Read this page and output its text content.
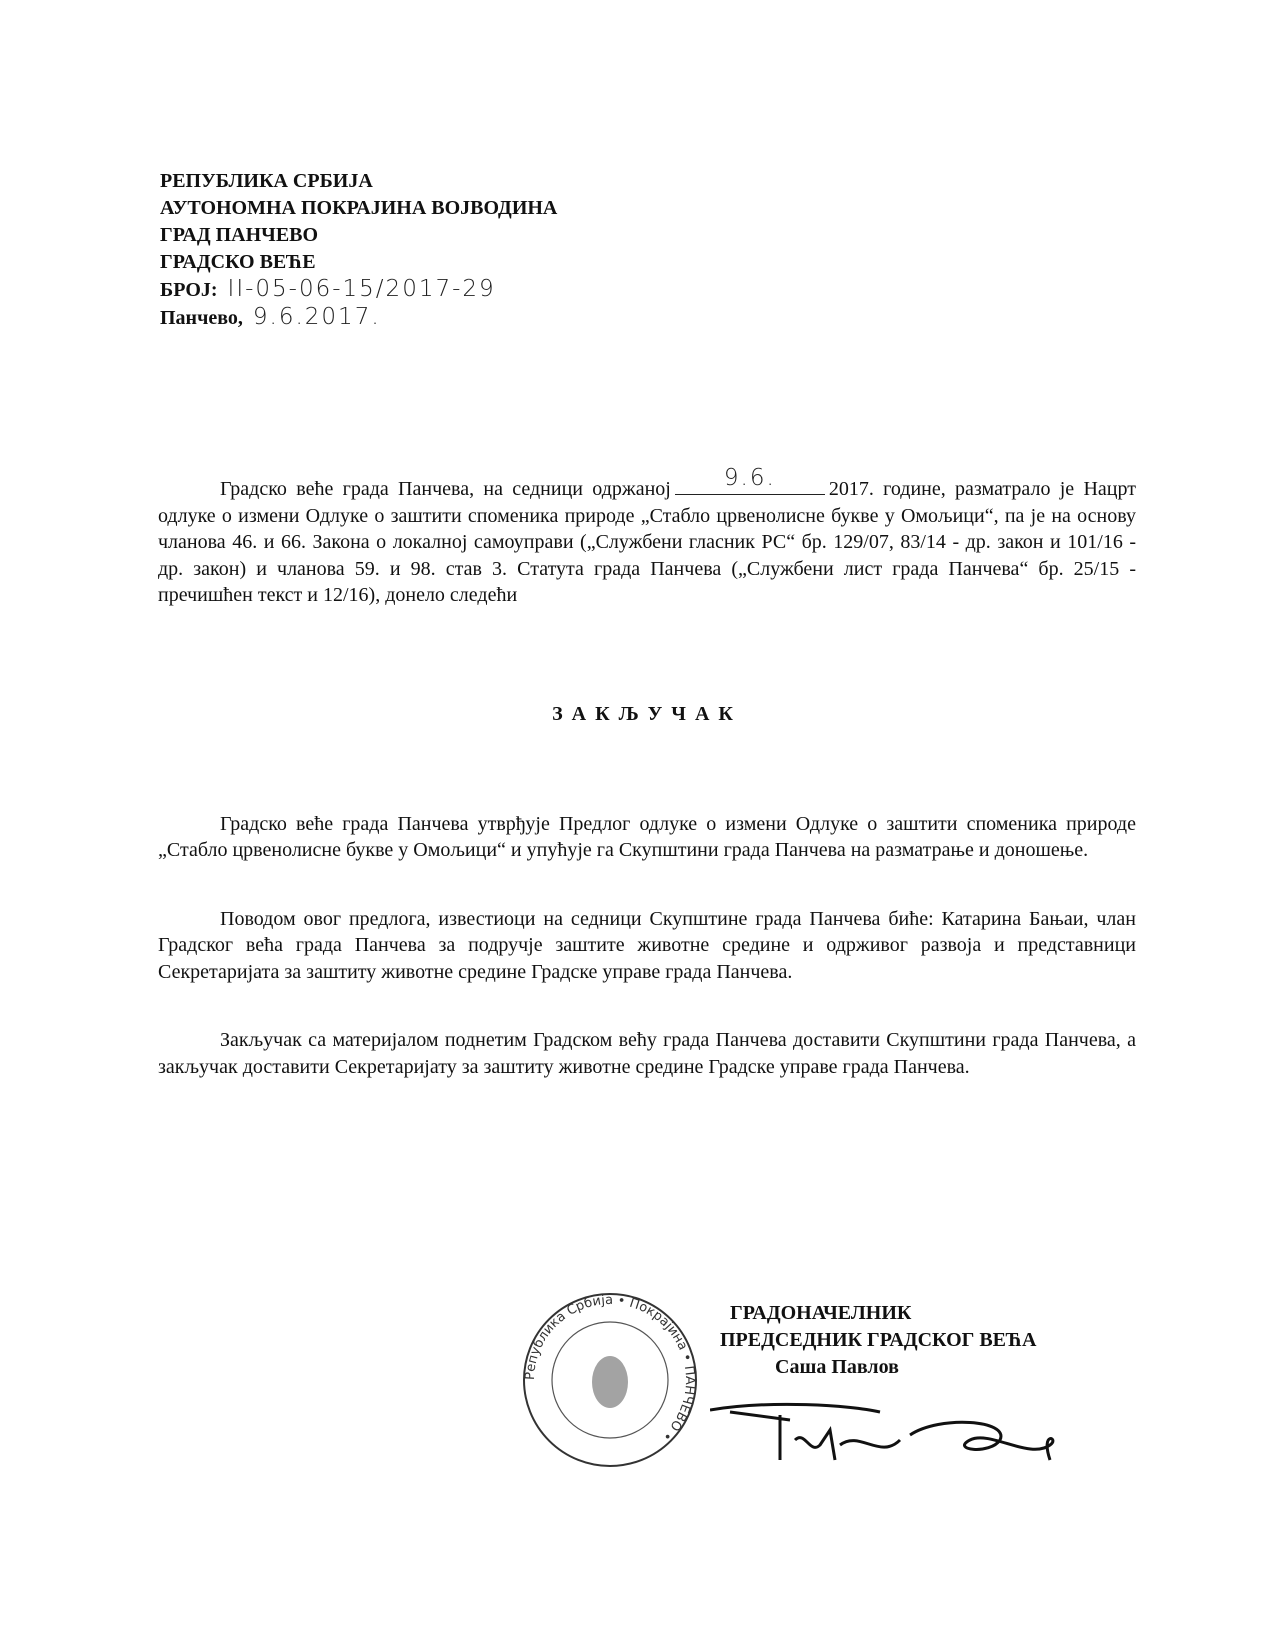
РЕПУБЛИКА СРБИЈА
АУТОНОМНА ПОКРАЈИНА ВОЈВОДИНА
ГРАД ПАНЧЕВО
ГРАДСКО ВЕЋЕ
БРОЈ: II-05-06-15/2017-29
Панчево, 9.6.2017.

Градско веће града Панчева, на седници одржаној	9.6.	2017. године, разматрало је Нацрт одлуке о измени Одлуке о заштити споменика природе „Стабло црвенолисне букве у Омољици“, па је на основу чланова 46. и 66. Закона о локалној самоуправи („Службени гласник РС“ бр. 129/07, 83/14 - др. закон и 101/16 - др. закон) и чланова 59. и 98. став 3. Статута града Панчева („Службени лист града Панчева“ бр. 25/15 - пречишћен текст и 12/16), донело следећи

ЗАКЉУЧАК

Градско веће града Панчева утврђује Предлог одлуке о измени Одлуке о заштити споменика природе „Стабло црвенолисне букве у Омољици“ и упућује га Скупштини града Панчева на разматрање и доношење.

Поводом овог предлога, известиоци на седници Скупштине града Панчева биће: Катарина Бањаи, члан Градског већа града Панчева за подручје заштите животне средине и одрживог развоја и представници Секретаријата за заштиту животне средине Градске управе града Панчева.

Закључак са материјалом поднетим Градском већу града Панчева доставити Скупштини града Панчева, а закључак доставити Секретаријату за заштиту животне средине Градске управе града Панчева.

Република Србија • Покрајина • ПАНЧЕВО •
ГРАДОНАЧЕЛНИК
ПРЕДСЕДНИК ГРАДСКОГ ВЕЋА
Саша Павлов
